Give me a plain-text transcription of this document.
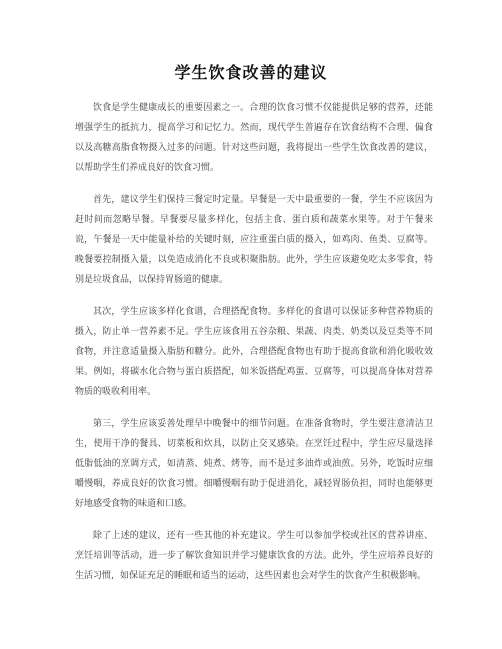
学生饮食改善的建议

饮食是学生健康成长的重要因素之一。合理的饮食习惯不仅能提供足够的营养，还能增强学生的抵抗力，提高学习和记忆力。然而，现代学生普遍存在饮食结构不合理、偏食以及高糖高脂食物摄入过多的问题。针对这些问题，我将提出一些学生饮食改善的建议，以帮助学生们养成良好的饮食习惯。

首先，建议学生们保持三餐定时定量。早餐是一天中最重要的一餐，学生不应该因为赶时间而忽略早餐。早餐要尽量多样化，包括主食、蛋白质和蔬菜水果等。对于午餐来说，午餐是一天中能量补给的关键时刻，应注重蛋白质的摄入，如鸡肉、鱼类、豆腐等。晚餐要控制摄入量，以免造成消化不良或积聚脂肪。此外，学生应该避免吃太多零食，特别是垃圾食品，以保持胃肠道的健康。

其次，学生应该多样化食谱，合理搭配食物。多样化的食谱可以保证多种营养物质的摄入，防止单一营养素不足。学生应该食用五谷杂粮、果蔬、肉类、奶类以及豆类等不同食物，并注意适量摄入脂肪和糖分。此外，合理搭配食物也有助于提高食欲和消化吸收效果。例如，将碳水化合物与蛋白质搭配，如米饭搭配鸡蛋、豆腐等，可以提高身体对营养物质的吸收利用率。

第三，学生应该妥善处理早中晚餐中的细节问题。在准备食物时，学生要注意清洁卫生，使用干净的餐具、切菜板和炊具，以防止交叉感染。在烹饪过程中，学生应尽量选择低脂低油的烹调方式，如清蒸、炖煮、烤等，而不是过多油炸或油煎。另外，吃饭时应细嚼慢咽，养成良好的饮食习惯。细嚼慢咽有助于促进消化，减轻胃肠负担，同时也能够更好地感受食物的味道和口感。

除了上述的建议，还有一些其他的补充建议。学生可以参加学校或社区的营养讲座、烹饪培训等活动，进一步了解饮食知识并学习健康饮食的方法。此外，学生应培养良好的生活习惯，如保证充足的睡眠和适当的运动，这些因素也会对学生的饮食产生积极影响。
